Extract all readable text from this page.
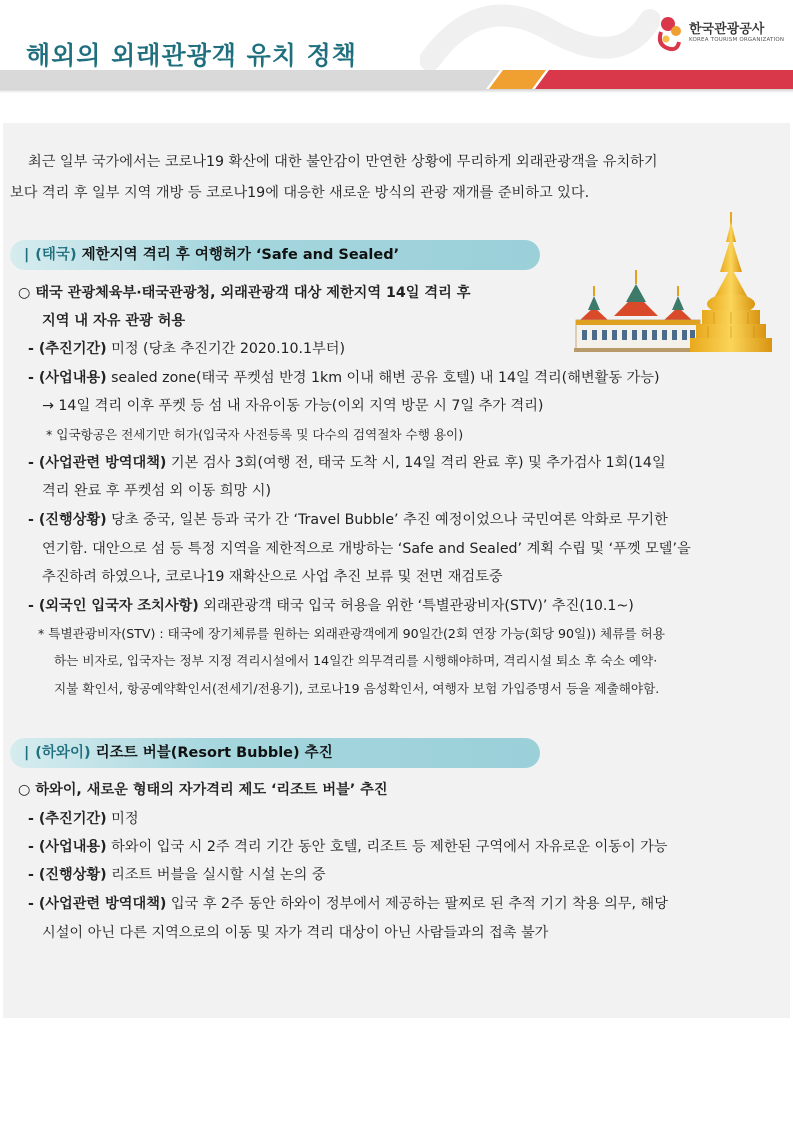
해외의 외래관광객 유치 정책
한국관광공사
KOREA TOURISM ORGANIZATION
최근 일부 국가에서는 코로나19 확산에 대한 불안감이 만연한 상황에 무리하게 외래관광객을 유치하기
보다 격리 후 일부 지역 개방 등 코로나19에 대응한 새로운 방식의 관광 재개를 준비하고 있다.
| (태국) 제한지역 격리 후 여행허가 ‘Safe and Sealed’
○ 태국 관광체육부·태국관광청, 외래관광객 대상 제한지역 14일 격리 후
지역 내 자유 관광 허용
- (추진기간) 미정 (당초 추진기간 2020.10.1부터)
- (사업내용) sealed zone(태국 푸켓섬 반경 1km 이내 해변 공유 호텔) 내 14일 격리(해변활동 가능)
→ 14일 격리 이후 푸켓 등 섬 내 자유이동 가능(이외 지역 방문 시 7일 추가 격리)
* 입국항공은 전세기만 허가(입국자 사전등록 및 다수의 검역절차 수행 용이)
- (사업관련 방역대책) 기본 검사 3회(여행 전, 태국 도착 시, 14일 격리 완료 후) 및 추가검사 1회(14일
격리 완료 후 푸켓섬 외 이동 희망 시)
- (진행상황) 당초 중국, 일본 등과 국가 간 ‘Travel Bubble’ 추진 예정이었으나 국민여론 악화로 무기한
연기함. 대안으로 섬 등 특정 지역을 제한적으로 개방하는 ‘Safe and Sealed’ 계획 수립 및 ‘푸껫 모델’을
추진하려 하였으나, 코로나19 재확산으로 사업 추진 보류 및 전면 재검토중
- (외국인 입국자 조치사항) 외래관광객 태국 입국 허용을 위한 ‘특별관광비자(STV)’ 추진(10.1~)
* 특별관광비자(STV) : 태국에 장기체류를 원하는 외래관광객에게 90일간(2회 연장 가능(회당 90일)) 체류를 허용
하는 비자로, 입국자는 정부 지정 격리시설에서 14일간 의무격리를 시행해야하며, 격리시설 퇴소 후 숙소 예약·
지불 확인서, 항공예약확인서(전세기/전용기), 코로나19 음성확인서, 여행자 보험 가입증명서 등을 제출해야함.
| (하와이) 리조트 버블(Resort Bubble) 추진
○ 하와이, 새로운 형태의 자가격리 제도 ‘리조트 버블’ 추진
- (추진기간) 미정
- (사업내용) 하와이 입국 시 2주 격리 기간 동안 호텔, 리조트 등 제한된 구역에서 자유로운 이동이 가능
- (진행상황) 리조트 버블을 실시할 시설 논의 중
- (사업관련 방역대책) 입국 후 2주 동안 하와이 정부에서 제공하는 팔찌로 된 추적 기기 착용 의무, 해당
시설이 아닌 다른 지역으로의 이동 및 자가 격리 대상이 아닌 사람들과의 접촉 불가
